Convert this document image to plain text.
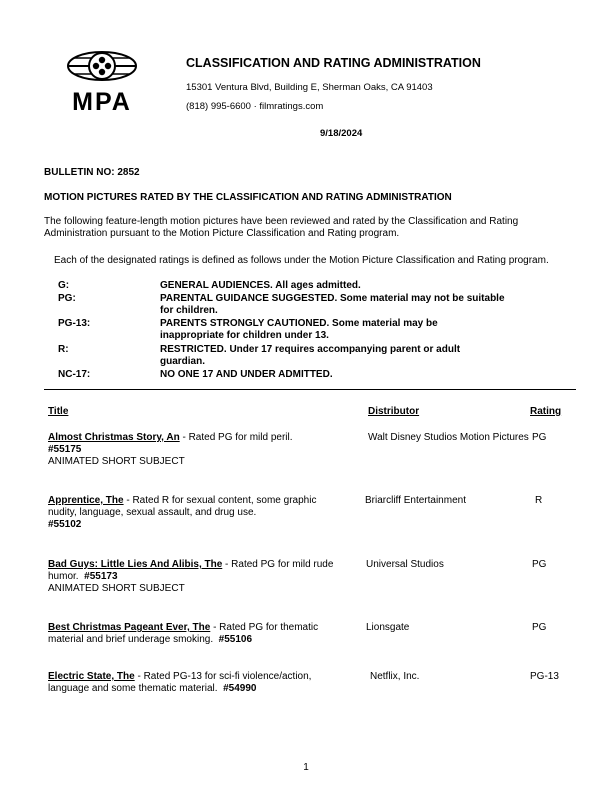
MPA
CLASSIFICATION AND RATING ADMINISTRATION
15301 Ventura Blvd, Building E, Sherman Oaks, CA 91403
(818) 995-6600 · filmratings.com
9/18/2024
BULLETIN NO: 2852
MOTION PICTURES RATED BY THE CLASSIFICATION AND RATING ADMINISTRATION
The following feature-length motion pictures have been reviewed and rated by the Classification and Rating Administration pursuant to the Motion Picture Classification and Rating program.
Each of the designated ratings is defined as follows under the Motion Picture Classification and Rating program.
G:	GENERAL AUDIENCES. All ages admitted.
PG:	PARENTAL GUIDANCE SUGGESTED. Some material may not be suitable for children.
PG-13:	PARENTS STRONGLY CAUTIONED. Some material may be inappropriate for children under 13.
R:	RESTRICTED. Under 17 requires accompanying parent or adult guardian.
NC-17:	NO ONE 17 AND UNDER ADMITTED.
Title	Distributor	Rating
Almost Christmas Story, An - Rated PG for mild peril.
#55175
ANIMATED SHORT SUBJECT
Walt Disney Studios Motion Pictures PG
Apprentice, The - Rated R for sexual content, some graphic nudity, language, sexual assault, and drug use.
#55102
Briarcliff Entertainment	R
Bad Guys: Little Lies And Alibis, The - Rated PG for mild rude humor. #55173
ANIMATED SHORT SUBJECT
Universal Studios	PG
Best Christmas Pageant Ever, The - Rated PG for thematic material and brief underage smoking. #55106
Lionsgate	PG
Electric State, The - Rated PG-13 for sci-fi violence/action, language and some thematic material. #54990
Netflix, Inc.	PG-13
1
